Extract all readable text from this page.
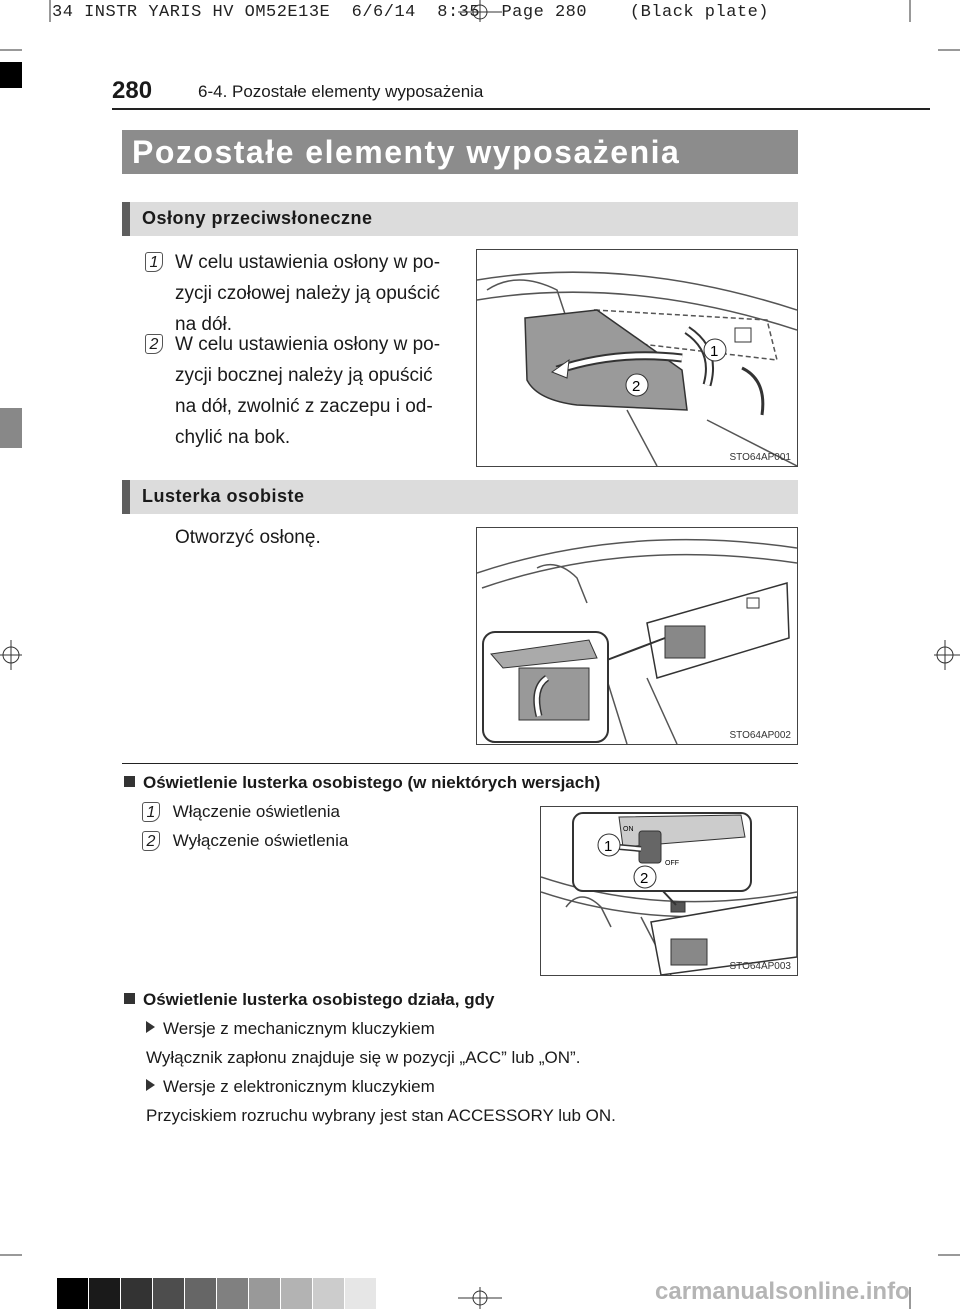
34 INSTR YARIS HV OM52E13E  6/6/14  8:35  Page 280    (Black plate)
280	6-4. Pozostałe elementy wyposażenia
Pozostałe elementy wyposażenia
Osłony przeciwsłoneczne
1 W celu ustawienia osłony w po-
zycji czołowej należy ją opuścić
na dół.
2 W celu ustawienia osłony w po-
zycji bocznej należy ją opuścić
na dół, zwolnić z zaczepu i od-
chylić na bok.
1
2
STO64AP001
Lusterka osobiste
Otworzyć osłonę.
STO64AP002
Oświetlenie lusterka osobistego (w niektórych wersjach)
1 Włączenie oświetlenia
2 Wyłączenie oświetlenia
ON
OFF
1
2
STO64AP003
Oświetlenie lusterka osobistego działa, gdy
Wersje z mechanicznym kluczykiem
Wyłącznik zapłonu znajduje się w pozycji „ACC” lub „ON”.
Wersje z elektronicznym kluczykiem
Przyciskiem rozruchu wybrany jest stan ACCESSORY lub ON.
carmanualsonline.info
